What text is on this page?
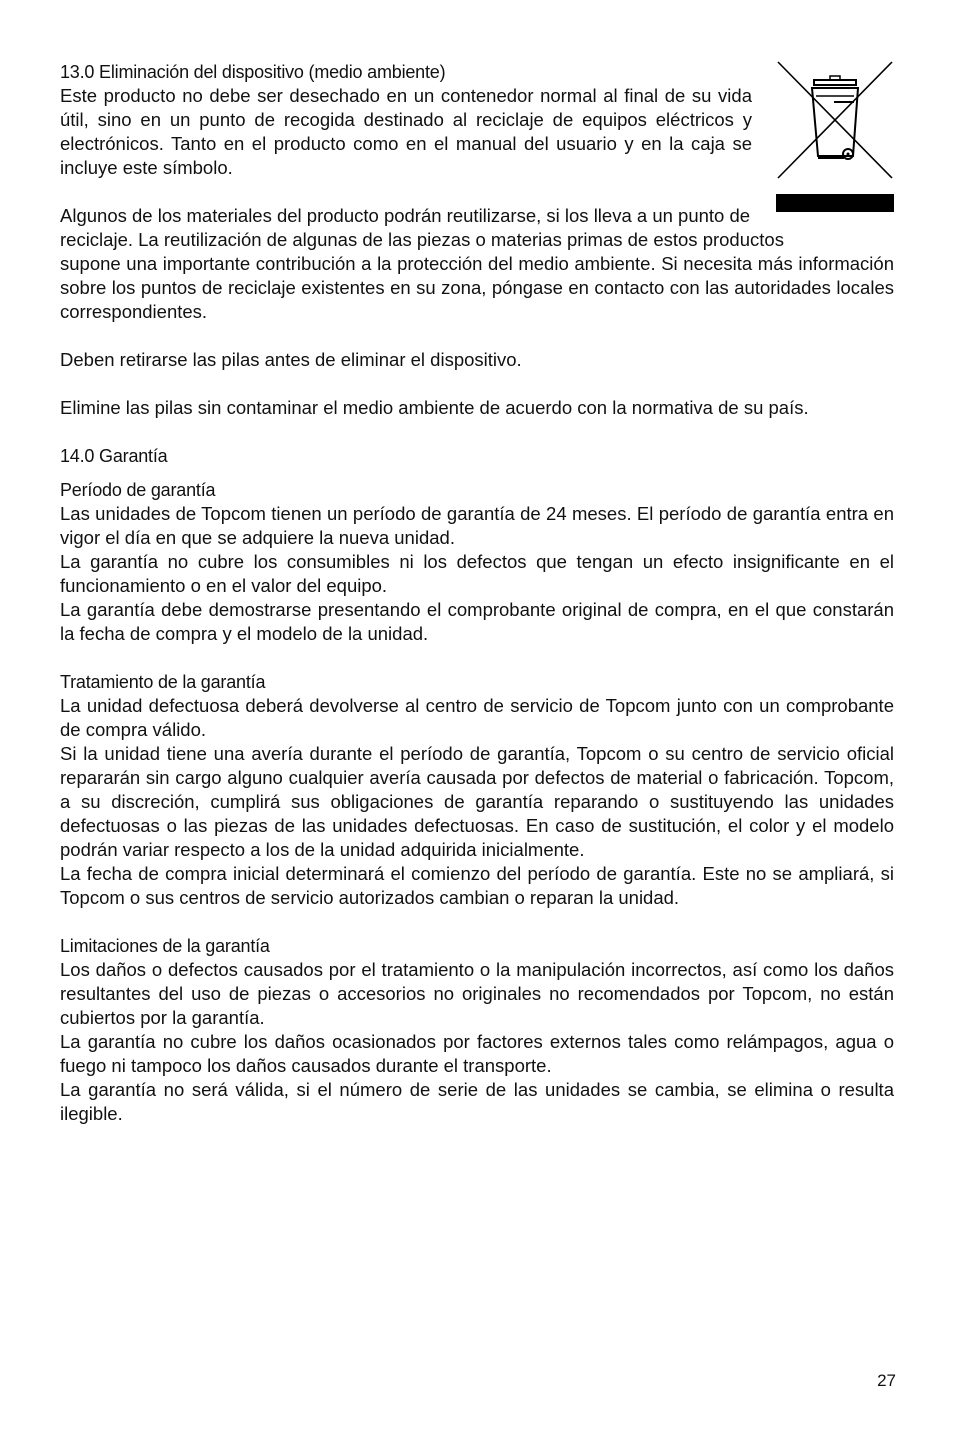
13.0 Eliminación del dispositivo (medio ambiente)

Este producto no debe ser desechado en un contenedor normal al final de su vida útil, sino en un punto de recogida destinado al reciclaje de equipos eléctricos y electrónicos. Tanto en el producto como en el manual del usuario y en la caja se incluye este símbolo.

Algunos de los materiales del producto podrán reutilizarse, si los lleva a un punto de

reciclaje. La reutilización de algunas de las piezas o materias primas de estos productos

supone una importante contribución a la protección del medio ambiente. Si necesita más información sobre los puntos de reciclaje existentes en su zona, póngase en contacto con las autoridades locales correspondientes.

Deben retirarse las pilas antes de eliminar el dispositivo.

Elimine las pilas sin contaminar el medio ambiente de acuerdo con la normativa de su país.

14.0 Garantía
Período de garantía

Las unidades de Topcom tienen un período de garantía de 24 meses. El período de garantía entra en vigor el día en que se adquiere la nueva unidad.

La garantía no cubre los consumibles ni los defectos que tengan un efecto insignificante en el funcionamiento o en el valor del equipo.

La garantía debe demostrarse presentando el comprobante original de compra, en el que constarán la fecha de compra y el modelo de la unidad.

Tratamiento de la garantía

La unidad defectuosa deberá devolverse al centro de servicio de Topcom junto con un comprobante de compra válido.

Si la unidad tiene una avería durante el período de garantía, Topcom o su centro de servicio oficial repararán sin cargo alguno cualquier avería causada por defectos de material o fabricación. Topcom, a su discreción, cumplirá sus obligaciones de garantía reparando o sustituyendo las unidades defectuosas o las piezas de las unidades defectuosas. En caso de sustitución, el color y el modelo podrán variar respecto a los de la unidad adquirida inicialmente.

La fecha de compra inicial determinará el comienzo del período de garantía. Este no se ampliará, si Topcom o sus centros de servicio autorizados cambian o reparan la unidad.

Limitaciones de la garantía

Los daños o defectos causados por el tratamiento o la manipulación incorrectos, así como los daños resultantes del uso de piezas o accesorios no originales no recomendados por Topcom, no están cubiertos por la garantía.

La garantía no cubre los daños ocasionados por factores externos tales como relámpagos, agua o fuego ni tampoco los daños causados durante el transporte.

La garantía no será válida, si el número de serie de las unidades se cambia, se elimina o resulta ilegible.

27
